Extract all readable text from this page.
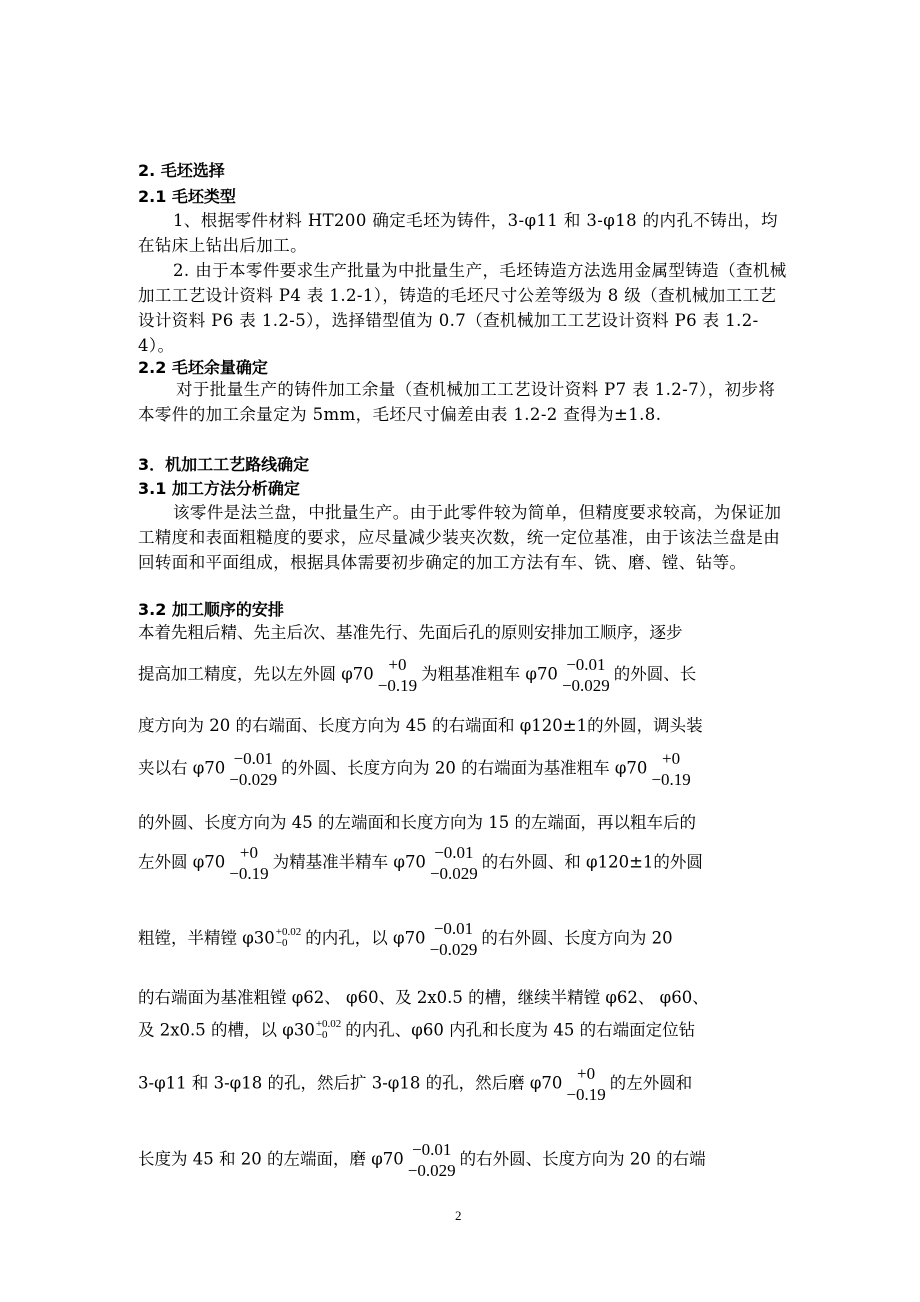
2. 毛坯选择
2.1 毛坯类型
1、根据零件材料 HT200 确定毛坯为铸件，3-φ11 和 3-φ18 的内孔不铸出，均在钻床上钻出后加工。
2. 由于本零件要求生产批量为中批量生产，毛坯铸造方法选用金属型铸造（查机械加工工艺设计资料 P4 表 1.2-1），铸造的毛坯尺寸公差等级为 8 级（查机械加工工艺设计资料 P6 表 1.2-5），选择错型值为 0.7（查机械加工工艺设计资料 P6 表 1.2-4）。
2.2 毛坯余量确定
对于批量生产的铸件加工余量（查机械加工工艺设计资料 P7 表 1.2-7），初步将本零件的加工余量定为 5mm，毛坯尺寸偏差由表 1.2-2 查得为±1.8.
3．机加工工艺路线确定
3.1 加工方法分析确定
该零件是法兰盘，中批量生产。由于此零件较为简单，但精度要求较高，为保证加工精度和表面粗糙度的要求，应尽量减少装夹次数，统一定位基准，由于该法兰盘是由回转面和平面组成，根据具体需要初步确定的加工方法有车、铣、磨、镗、钻等。
3.2 加工顺序的安排
本着先粗后精、先主后次、基准先行、先面后孔的原则安排加工顺序，逐步
提高加工精度，先以左外圆 φ70 +0
−0.19
为粗基准粗车 φ70 −0.01
−0.029
的外圆、长
度方向为 20 的右端面、长度方向为 45 的右端面和 φ120±1的外圆，调头装
夹以右 φ70 −0.01
−0.029
的外圆、长度方向为 20 的右端面为基准粗车 φ70 +0
−0.19
的外圆、长度方向为 45 的左端面和长度方向为 15 的左端面，再以粗车后的
左外圆 φ70 +0
−0.19
为精基准半精车 φ70 −0.01
−0.029
的右外圆、和 φ120±1的外圆
粗镗，半精镗 φ30 +0.02
−0	的内孔，以 φ70 −0.01
−0.029
的右外圆、长度方向为 20
的右端面为基准粗镗 φ62、 φ60、及 2x0.5 的槽，继续半精镗 φ62、 φ60、
及 2x0.5 的槽，以 φ30 +0.02
−0	的内孔、φ60 内孔和长度为 45 的右端面定位钻
3-φ11 和 3-φ18 的孔，然后扩 3-φ18 的孔，然后磨 φ70 +0
−0.19
的左外圆和
长度为 45 和 20 的左端面，磨 φ70 −0.01
−0.029
的右外圆、长度方向为 20 的右端
2
